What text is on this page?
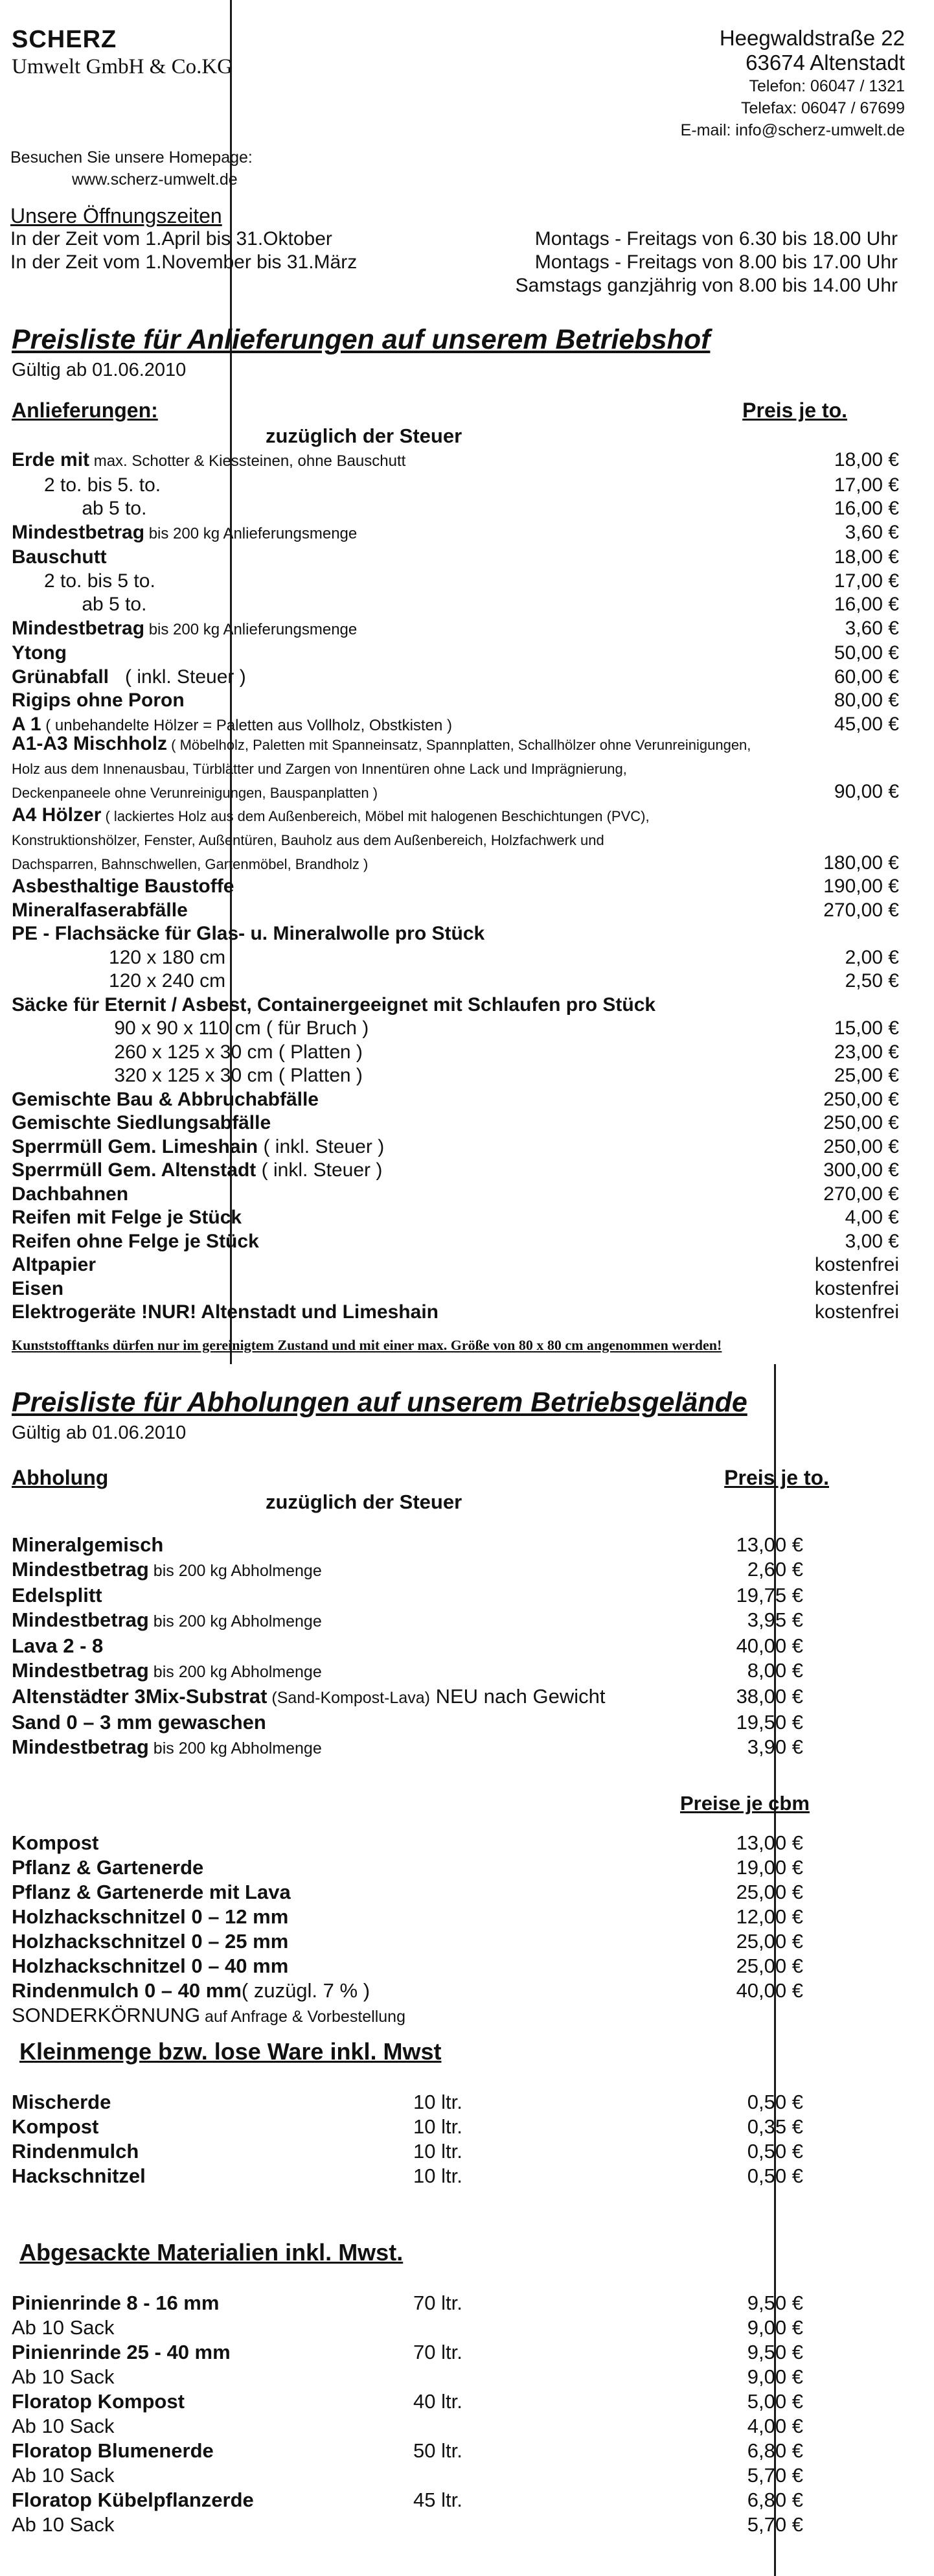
SCHERZ
Umwelt GmbH & Co.KG
Heegwaldstraße 22
63674 Altenstadt
Telefon: 06047 / 1321
Telefax: 06047 / 67699
E-mail: info@scherz-umwelt.de
Besuchen Sie unsere Homepage:
www.scherz-umwelt.de
Unsere Öffnungszeiten
In der Zeit vom 1.April bis 31.Oktober	Montags - Freitags von 6.30 bis 18.00 Uhr
In der Zeit vom 1.November bis 31.März	Montags - Freitags von 8.00 bis 17.00 Uhr
Samstags ganzjährig von 8.00 bis 14.00 Uhr
Preisliste für Anlieferungen auf unserem Betriebshof
Gültig ab 01.06.2010
Anlieferungen:	Preis je to.
zuzüglich der Steuer
Erde mit max. Schotter & Kiessteinen, ohne Bauschutt	18,00 €
2 to. bis 5. to.	17,00 €
ab 5 to.	16,00 €
Mindestbetrag bis 200 kg Anlieferungsmenge	3,60 €
Bauschutt	18,00 €
2 to. bis 5 to.	17,00 €
ab 5 to.	16,00 €
Mindestbetrag bis 200 kg Anlieferungsmenge	3,60 €
Ytong	50,00 €
Grünabfall   ( inkl. Steuer )	60,00 €
Rigips ohne Poron	80,00 €
A 1 ( unbehandelte Hölzer = Paletten aus Vollholz, Obstkisten )	45,00 €
A1-A3 Mischholz ( Möbelholz, Paletten mit Spanneinsatz, Spannplatten, Schallhölzer ohne Verunreinigungen,
Holz aus dem Innenausbau, Türblätter und Zargen von Innentüren ohne Lack und Imprägnierung,
Deckenpaneele ohne Verunreinigungen, Bauspanplatten )	90,00 €
A4 Hölzer ( lackiertes Holz aus dem Außenbereich, Möbel mit halogenen Beschichtungen (PVC),
Konstruktionshölzer, Fenster, Außentüren, Bauholz aus dem Außenbereich, Holzfachwerk und
Dachsparren, Bahnschwellen, Gartenmöbel, Brandholz )	180,00 €
Asbesthaltige Baustoffe	190,00 €
Mineralfaserabfälle	270,00 €
PE - Flachsäcke für Glas- u. Mineralwolle pro Stück
120 x 180 cm	2,00 €
120 x 240 cm	2,50 €
Säcke für Eternit / Asbest, Containergeeignet mit Schlaufen pro Stück
90 x 90 x 110 cm ( für Bruch )	15,00 €
260 x 125 x 30 cm ( Platten )	23,00 €
320 x 125 x 30 cm ( Platten )	25,00 €
Gemischte Bau & Abbruchabfälle	250,00 €
Gemischte Siedlungsabfälle	250,00 €
Sperrmüll Gem. Limeshain ( inkl. Steuer )	250,00 €
Sperrmüll Gem. Altenstadt ( inkl. Steuer )	300,00 €
Dachbahnen	270,00 €
Reifen mit Felge je Stück	4,00 €
Reifen ohne Felge je Stück	3,00 €
Altpapier	kostenfrei
Eisen	kostenfrei
Elektrogeräte !NUR! Altenstadt und Limeshain	kostenfrei
Kunststofftanks dürfen nur im gereinigtem Zustand und mit einer max. Größe von 80 x 80 cm angenommen werden!
Preisliste für Abholungen auf unserem Betriebsgelände
Gültig ab 01.06.2010
Abholung	Preis je to.
zuzüglich der Steuer
Mineralgemisch	13,00 €
Mindestbetrag bis 200 kg Abholmenge	2,60 €
Edelsplitt	19,75 €
Mindestbetrag bis 200 kg Abholmenge	3,95 €
Lava 2 - 8	40,00 €
Mindestbetrag bis 200 kg Abholmenge	8,00 €
Altenstädter 3Mix-Substrat (Sand-Kompost-Lava) NEU nach Gewicht	38,00 €
Sand 0 – 3 mm gewaschen	19,50 €
Mindestbetrag bis 200 kg Abholmenge	3,90 €
Preise je cbm
Kompost	13,00 €
Pflanz & Gartenerde	19,00 €
Pflanz & Gartenerde mit Lava	25,00 €
Holzhackschnitzel 0 – 12 mm	12,00 €
Holzhackschnitzel 0 – 25 mm	25,00 €
Holzhackschnitzel 0 – 40 mm	25,00 €
Rindenmulch 0 – 40 mm( zuzügl. 7 % )	40,00 €
SONDERKÖRNUNG auf Anfrage & Vorbestellung
Kleinmenge bzw. lose Ware inkl. Mwst
Mischerde	10 ltr.	0,50 €
Kompost	10 ltr.	0,35 €
Rindenmulch	10 ltr.	0,50 €
Hackschnitzel	10 ltr.	0,50 €
Abgesackte Materialien inkl. Mwst.
Pinienrinde 8 - 16 mm	70 ltr.	9,50 €
Ab 10 Sack	9,00 €
Pinienrinde 25 - 40 mm	70 ltr.	9,50 €
Ab 10 Sack	9,00 €
Floratop Kompost	40 ltr.	5,00 €
Ab 10 Sack	4,00 €
Floratop Blumenerde	50 ltr.	6,80 €
Ab 10 Sack	5,70 €
Floratop Kübelpflanzerde	45 ltr.	6,80 €
Ab 10 Sack	5,70 €
